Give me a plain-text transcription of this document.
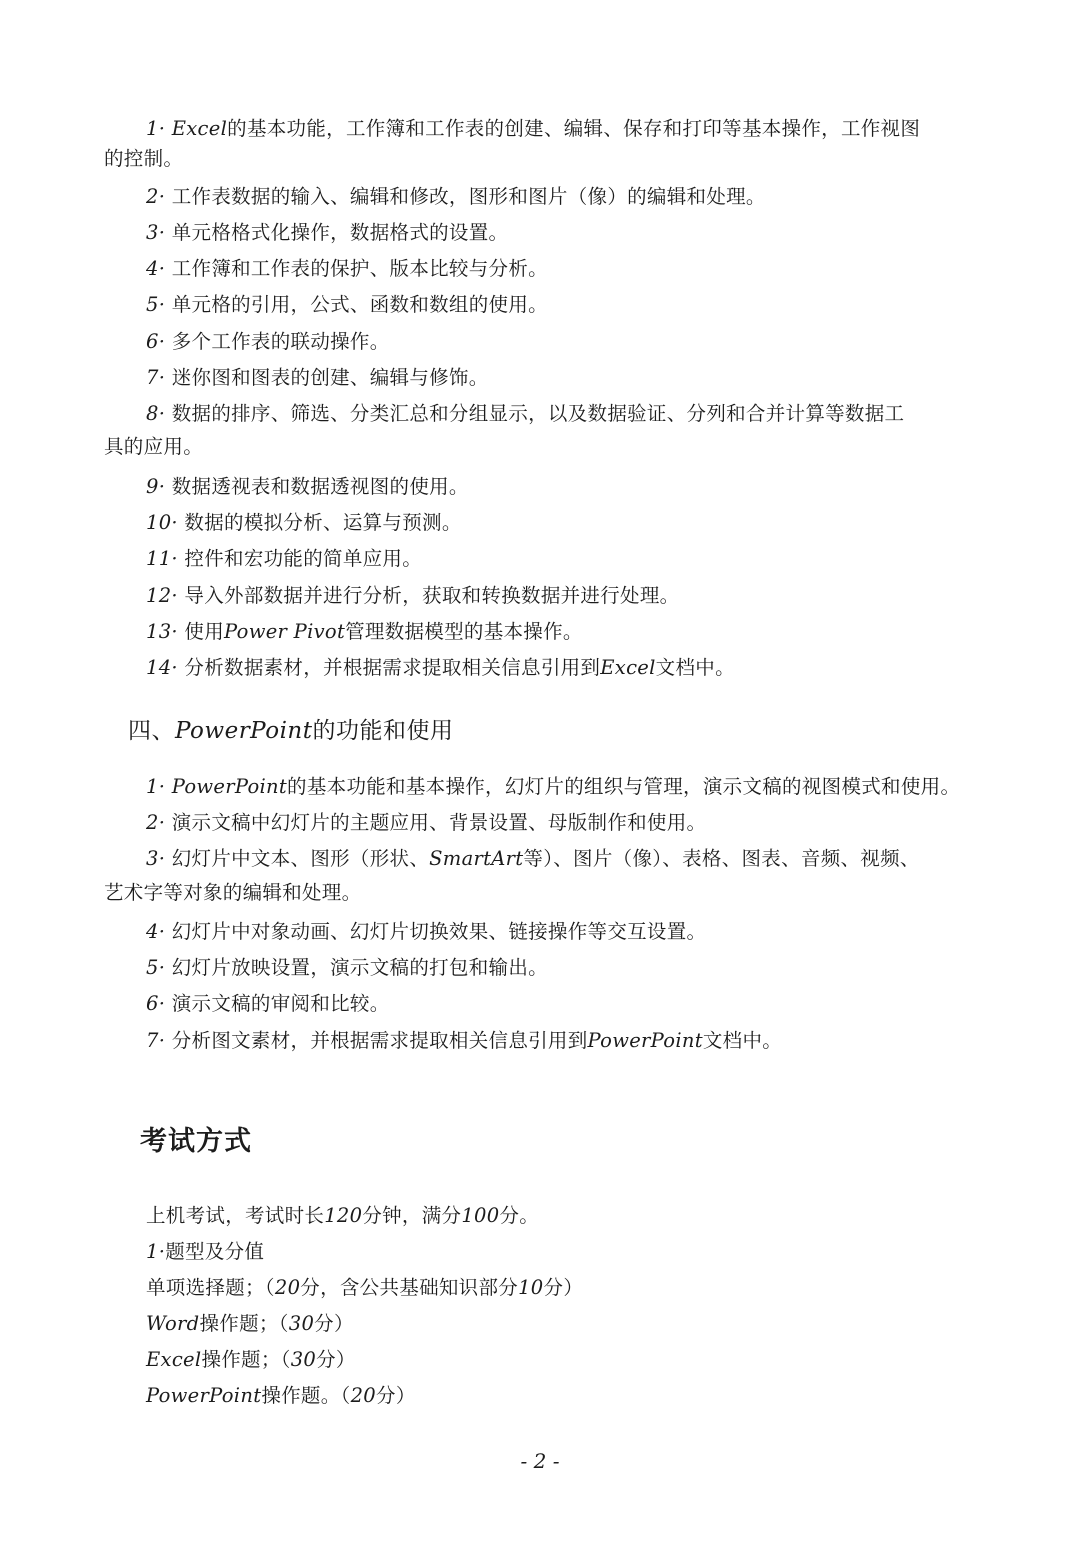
1· Excel的基本功能，工作簿和工作表的创建、编辑、保存和打印等基本操作，工作视图
的控制。
2· 工作表数据的输入、编辑和修改，图形和图片（像）的编辑和处理。
3· 单元格格式化操作，数据格式的设置。
4· 工作簿和工作表的保护、版本比较与分析。
5· 单元格的引用，公式、函数和数组的使用。
6· 多个工作表的联动操作。
7· 迷你图和图表的创建、编辑与修饰。
8· 数据的排序、筛选、分类汇总和分组显示，以及数据验证、分列和合并计算等数据工
具的应用。
9· 数据透视表和数据透视图的使用。
10· 数据的模拟分析、运算与预测。
11· 控件和宏功能的简单应用。
12· 导入外部数据并进行分析，获取和转换数据并进行处理。
13· 使用Power Pivot管理数据模型的基本操作。
14· 分析数据素材，并根据需求提取相关信息引用到Excel文档中。
四、PowerPoint的功能和使用
1· PowerPoint的基本功能和基本操作，幻灯片的组织与管理，演示文稿的视图模式和使用。
2· 演示文稿中幻灯片的主题应用、背景设置、母版制作和使用。
3· 幻灯片中文本、图形（形状、SmartArt等）、图片（像）、表格、图表、音频、视频、
艺术字等对象的编辑和处理。
4· 幻灯片中对象动画、幻灯片切换效果、链接操作等交互设置。
5· 幻灯片放映设置，演示文稿的打包和输出。
6· 演示文稿的审阅和比较。
7· 分析图文素材，并根据需求提取相关信息引用到PowerPoint文档中。
考试方式
上机考试，考试时长120分钟，满分100分。
1·题型及分值
单项选择题；（20分，含公共基础知识部分10分）
Word操作题；（30分）
Excel操作题；（30分）
PowerPoint操作题。（20分）
- 2 -
